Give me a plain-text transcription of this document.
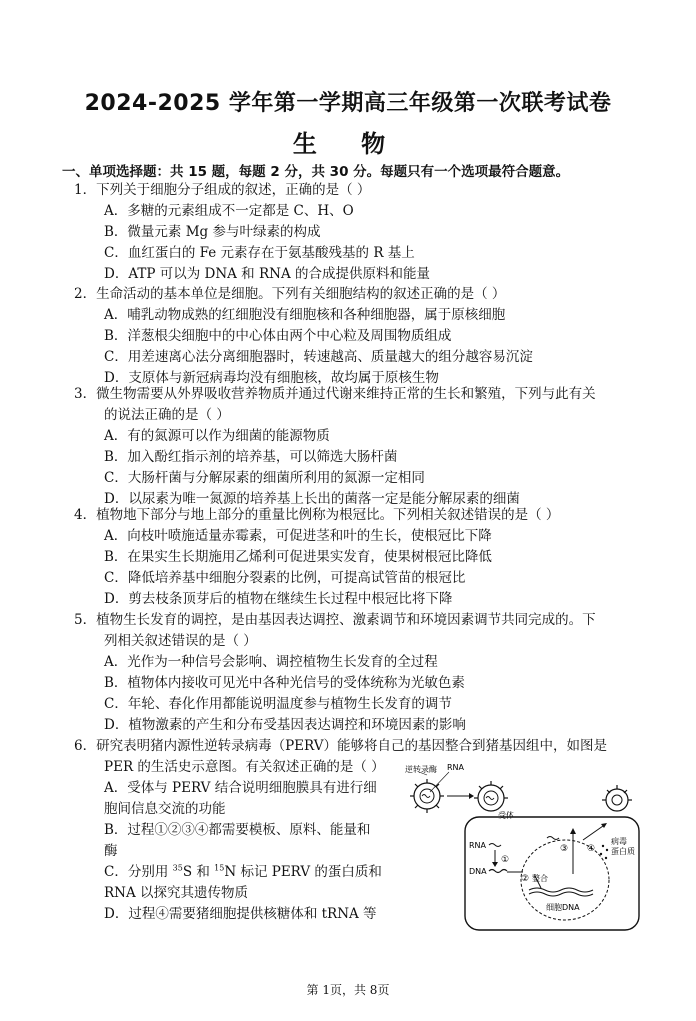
2024-2025 学年第一学期高三年级第一次联考试卷
生 物
一、单项选择题：共 15 题，每题 2 分，共 30 分。每题只有一个选项最符合题意。
1．下列关于细胞分子组成的叙述，正确的是（ ）
A．多糖的元素组成不一定都是 C、H、O
B．微量元素 Mg 参与叶绿素的构成
C．血红蛋白的 Fe 元素存在于氨基酸残基的 R 基上
D．ATP 可以为 DNA 和 RNA 的合成提供原料和能量
2．生命活动的基本单位是细胞。下列有关细胞结构的叙述正确的是（ ）
A．哺乳动物成熟的红细胞没有细胞核和各种细胞器，属于原核细胞
B．洋葱根尖细胞中的中心体由两个中心粒及周围物质组成
C．用差速离心法分离细胞器时，转速越高、质量越大的组分越容易沉淀
D．支原体与新冠病毒均没有细胞核，故均属于原核生物
3．微生物需要从外界吸收营养物质并通过代谢来维持正常的生长和繁殖，下列与此有关
的说法正确的是（ ）
A．有的氮源可以作为细菌的能源物质
B．加入酚红指示剂的培养基，可以筛选大肠杆菌
C．大肠杆菌与分解尿素的细菌所利用的氮源一定相同
D．以尿素为唯一氮源的培养基上长出的菌落一定是能分解尿素的细菌
4．植物地下部分与地上部分的重量比例称为根冠比。下列相关叙述错误的是（ ）
A．向枝叶喷施适量赤霉素，可促进茎和叶的生长，使根冠比下降
B．在果实生长期施用乙烯利可促进果实发育，使果树根冠比降低
C．降低培养基中细胞分裂素的比例，可提高试管苗的根冠比
D．剪去枝条顶芽后的植物在继续生长过程中根冠比将下降
5．植物生长发育的调控，是由基因表达调控、激素调节和环境因素调节共同完成的。下
列相关叙述错误的是（ ）
A．光作为一种信号会影响、调控植物生长发育的全过程
B．植物体内接收可见光中各种光信号的受体统称为光敏色素
C．年轮、春化作用都能说明温度参与植物生长发育的调节
D．植物激素的产生和分布受基因表达调控和环境因素的影响
6．研究表明猪内源性逆转录病毒（PERV）能够将自己的基因整合到猪基因组中，如图是
PER 的生活史示意图。有关叙述正确的是（ ）
A．受体与 PERV 结合说明细胞膜具有进行细
胞间信息交流的功能
B．过程①②③④都需要模板、原料、能量和
酶
C．分别用 $^{35}$S 和 $^{15}$N 标记 PERV 的蛋白质和
RNA 以探究其遗传物质
D．过程④需要猪细胞提供核糖体和 tRNA 等
逆转录酶 RNA
受体
细胞DNA
RNA
①
DNA
② 整合
③ ④
病毒
蛋白质
第 1页，共 8页
